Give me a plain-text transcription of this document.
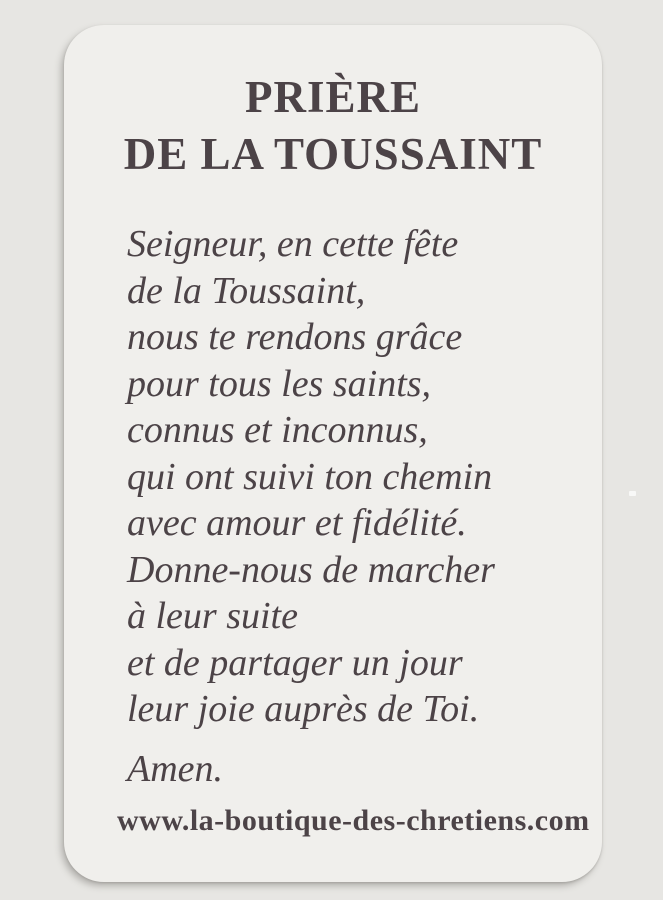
PRIÈRE
DE LA TOUSSAINT
Seigneur, en cette fête
de la Toussaint,
nous te rendons grâce
pour tous les saints,
connus et inconnus,
qui ont suivi ton chemin
avec amour et fidélité.
Donne-nous de marcher
à leur suite
et de partager un jour
leur joie auprès de Toi.
Amen.
www.la-boutique-des-chretiens.com
